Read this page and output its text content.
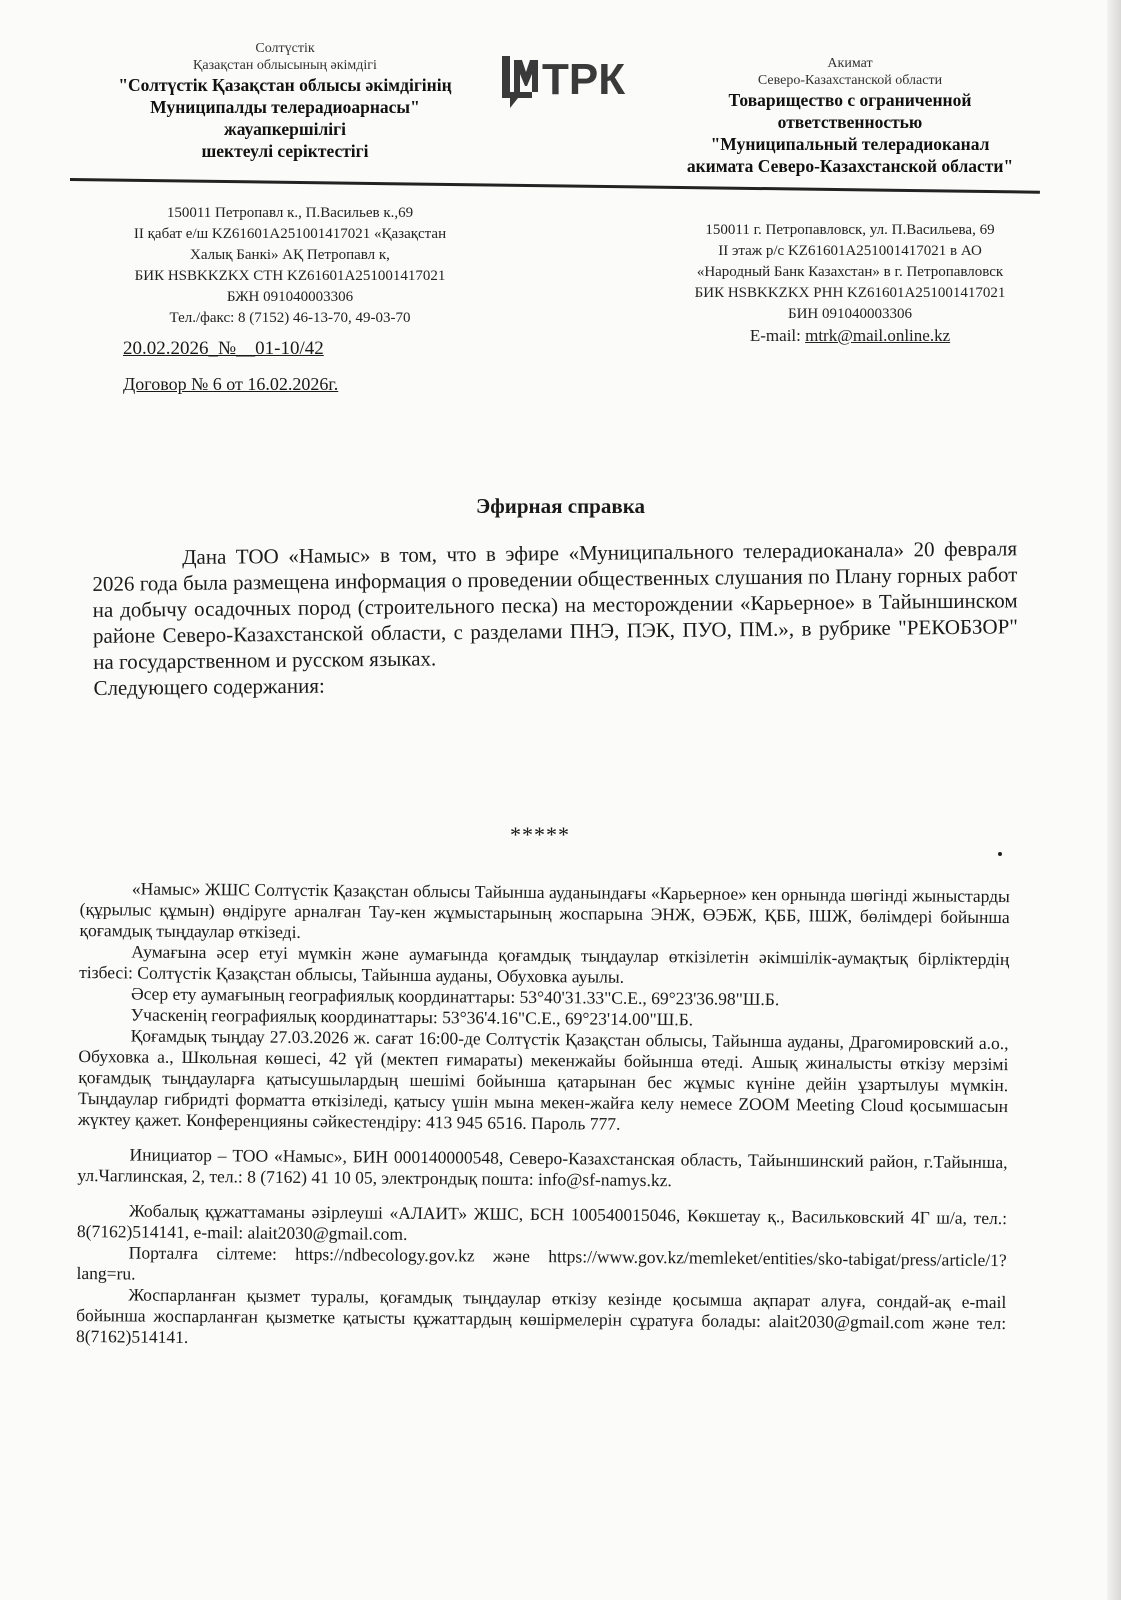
Солтүстік
Қазақстан облысының әкімдігі
"Солтүстік Қазақстан облысы әкімдігінің
Муниципалды телерадиоарнасы"
жауапкершілігі
шектеулі серіктестігі
ТРК	Акимат
Северо-Казахстанской области
Товарищество с ограниченной
ответственностью
"Муниципальный телерадиоканал
акимата Северо-Казахстанской области"
150011 Петропавл к., П.Васильев к.,69
II қабат е/ш KZ61601A251001417021 «Қазақстан
Халық Банкі» АҚ Петропавл к,
БИК HSBKKZKX СТН KZ61601A251001417021
БЖН 091040003306
Тел./факс: 8 (7152) 46-13-70, 49-03-70
150011 г. Петропавловск, ул. П.Васильева, 69
II этаж р/с KZ61601A251001417021 в АО
«Народный Банк Казахстан» в г. Петропавловск
БИК HSBKKZKX РНН KZ61601A251001417021
БИН 091040003306
E-mail: mtrk@mail.online.kz
20.02.2026_№__01-10/42
Договор № 6 от 16.02.2026г.
Эфирная справка
Дана ТОО «Намыс» в том, что в эфире «Муниципального телерадиоканала» 20 февраля 2026 года была размещена информация о проведении общественных слушания по Плану горных работ на добычу осадочных пород (строительного песка) на месторождении «Карьерное» в Тайыншинском районе Северо-Казахстанской области, с разделами ПНЭ, ПЭК, ПУО, ПМ.», в рубрике "РЕКОБЗОР" на государственном и русском языках.
Следующего содержания:
*****

«Намыс» ЖШС Солтүстік Қазақстан облысы Тайынша ауданындағы «Карьерное» кен орнында шөгінді жыныстарды (құрылыс құмын) өндіруге арналған Тау-кен жұмыстарының жоспарына ЭНЖ, ӨЭБЖ, ҚББ, ІШЖ, бөлімдері бойынша қоғамдық тыңдаулар өткізеді.

Аумағына әсер етуі мүмкін және аумағында қоғамдық тыңдаулар өткізілетін әкімшілік-аумақтық бірліктердің тізбесі: Солтүстік Қазақстан облысы, Тайынша ауданы, Обуховка ауылы.

Әсер ету аумағының географиялық координаттары: 53°40'31.33"С.Е., 69°23'36.98"Ш.Б.

Учаскенің географиялық координаттары: 53°36'4.16"С.Е., 69°23'14.00"Ш.Б.

Қоғамдық тыңдау 27.03.2026 ж. сағат 16:00-де Солтүстік Қазақстан облысы, Тайынша ауданы, Драгомировский а.о., Обуховка а., Школьная көшесі, 42 үй (мектеп ғимараты) мекенжайы бойынша өтеді. Ашық жиналысты өткізу мерзімі қоғамдық тыңдауларға қатысушылардың шешімі бойынша қатарынан бес жұмыс күніне дейін ұзартылуы мүмкін. Тыңдаулар гибридті форматта өткізіледі, қатысу үшін мына мекен-жайға келу немесе ZOOM Meeting Cloud қосымшасын жүктеу қажет. Конференцияны сәйкестендіру: 413 945 6516. Пароль 777.

Инициатор – ТОО «Намыс», БИН 000140000548, Северо-Казахстанская область, Тайыншинский район, г.Тайынша, ул.Чаглинская, 2, тел.: 8 (7162) 41 10 05, электрондық пошта: info@sf-namys.kz.

Жобалық құжаттаманы әзірлеуші «АЛАИТ» ЖШС, БСН 100540015046, Көкшетау қ., Васильковский 4Г ш/а, тел.: 8(7162)514141, e-mail: alait2030@gmail.com.

Порталға сілтеме: https://ndbecology.gov.kz және https://www.gov.kz/memleket/entities/sko-tabigat/press/article/1?lang=ru.

Жоспарланған қызмет туралы, қоғамдық тыңдаулар өткізу кезінде қосымша ақпарат алуға, сондай-ақ e-mail бойынша жоспарланған қызметке қатысты құжаттардың көшірмелерін сұратуға болады: alait2030@gmail.com және тел: 8(7162)514141.
